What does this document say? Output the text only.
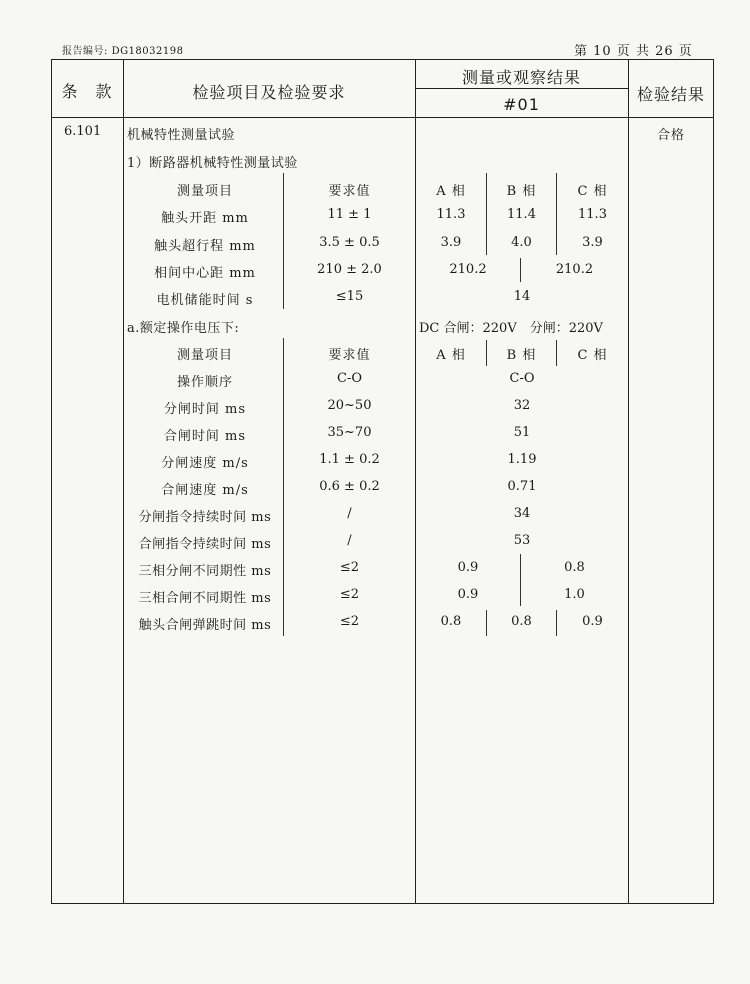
报告编号: DG18032198	第 10 页 共 26 页
条　款	检验项目及检验要求
测量或观察结果
#01
检验结果
6.101	合格
机械特性测量试验
1）断路器机械特性测量试验
测量项目	要求值	A 相	B 相	C 相
触头开距 mm	11 ± 1	11.3	11.4	11.3
触头超行程 mm	3.5 ± 0.5	3.9	4.0	3.9
相间中心距 mm	210 ± 2.0	210.2	210.2
电机储能时间 s	≤15	14
a.额定操作电压下:	DC 合闸：220V　分闸：220V
测量项目	要求值	A 相	B 相	C 相
操作顺序	C-O	C-O
分闸时间 ms	20~50	32
合闸时间 ms	35~70	51
分闸速度 m/s	1.1 ± 0.2	1.19
合闸速度 m/s	0.6 ± 0.2	0.71
分闸指令持续时间 ms	/	34
合闸指令持续时间 ms	/	53
三相分闸不同期性 ms	≤2	0.9	0.8
三相合闸不同期性 ms	≤2	0.9	1.0
触头合闸弹跳时间 ms	≤2	0.8	0.8	0.9
